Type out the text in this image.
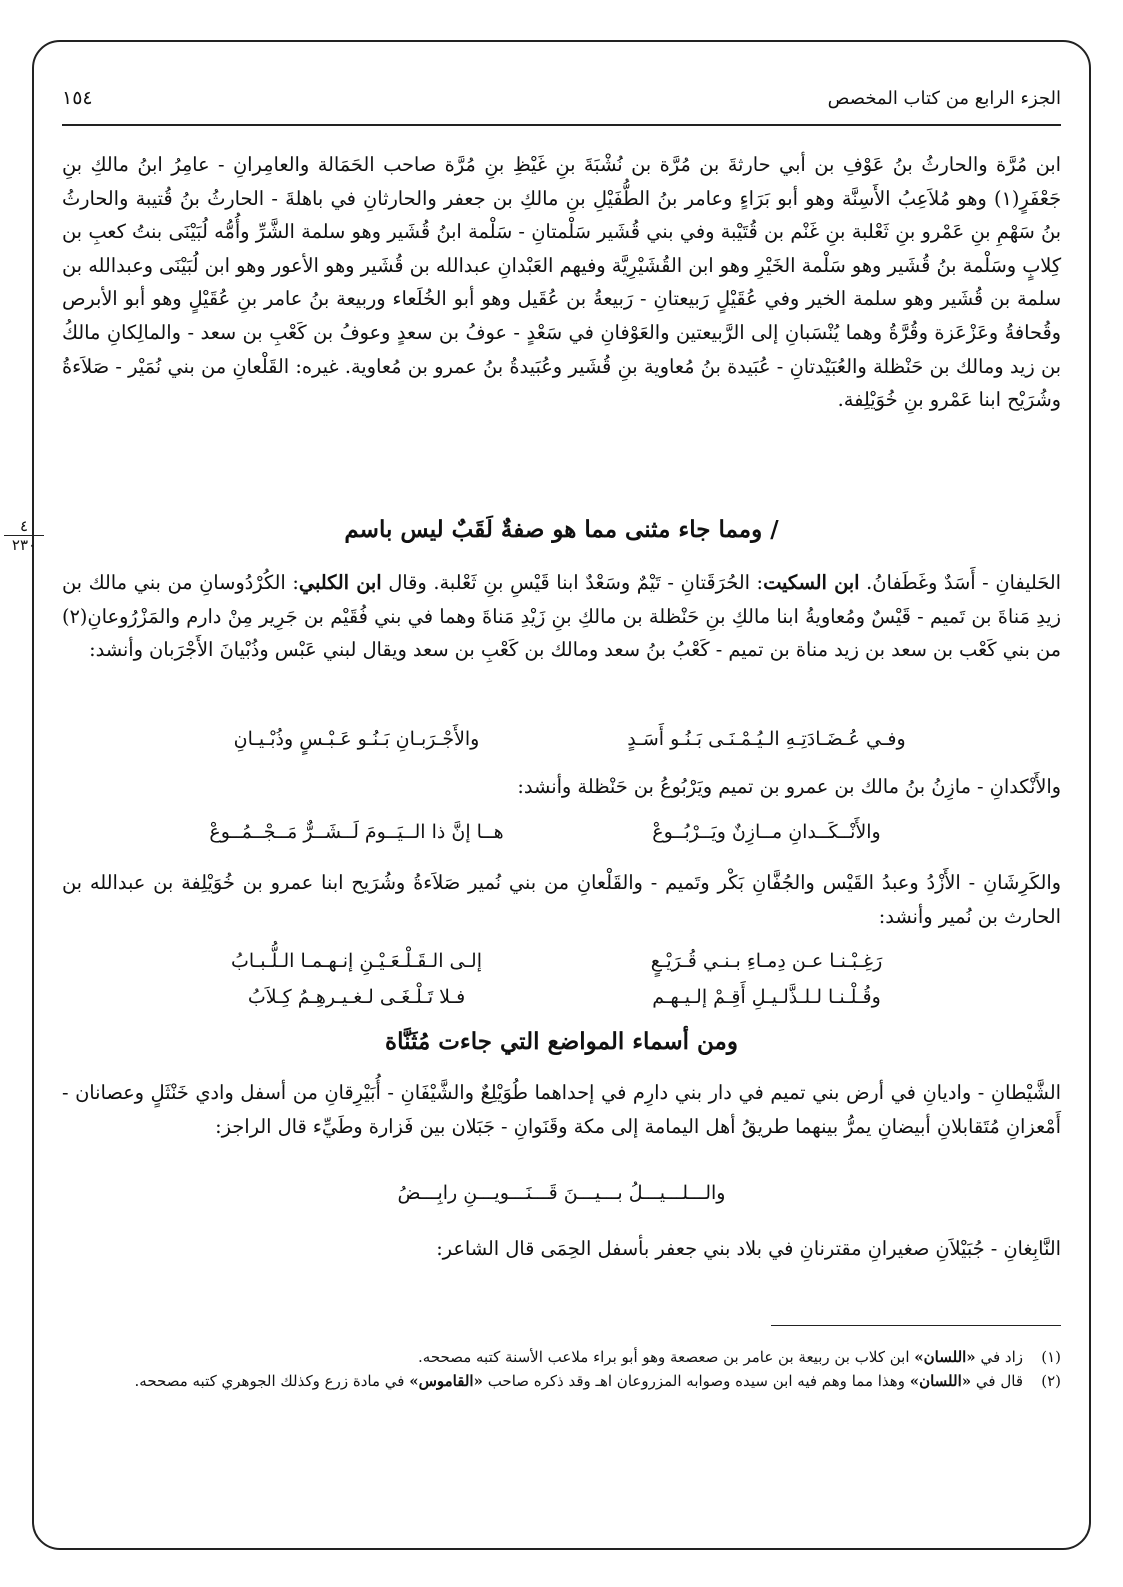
الجزء الرابع من كتاب المخصص
١٥٤

ابن مُرَّة والحارثُ بنُ عَوْفِ بن أبي حارثةَ بن مُرَّة بن نُشْبَةَ بنِ غَيْظِ بنِ مُرَّة صاحب الحَمَالة والعامِرانِ - عامِرُ ابنُ مالكِ بنِ جَعْفَرٍ(١) وهو مُلاَعِبُ الأَسِنَّة وهو أبو بَرَاءٍ وعامر بنُ الطُّفَيْلِ بنِ مالكِ بن جعفر والحارثانِ في باهلةَ - الحارثُ بنُ قُتيبة والحارثُ بنُ سَهْمِ بنِ عَمْرو بنِ ثَعْلبة بنِ غَنْم بن قُتَيْبة وفي بني قُشَير سَلْمتانِ - سَلْمة ابنُ قُشَير وهو سلمة الشَّرِّ وأُمُّه لُبَيْنَى بنتُ كعبِ بن كِلابٍ وسَلْمة بنُ قُشَير وهو سَلْمة الخَيْرِ وهو ابن القُشَيْرِيَّة وفيهم العَبْدانِ عبدالله بن قُشَير وهو الأعور وهو ابن لُبَيْنَى وعبدالله بن سلمة بن قُشَير وهو سلمة الخير وفي عُقَيْلٍ رَبيعتانِ - رَبيعةُ بن عُقَيل وهو أبو الخُلَعاء وربيعة بنُ عامر بنِ عُقَيْلٍ وهو أبو الأبرص وقُحافةُ وعَزْعَزة وقُرَّةُ وهما يُنْسَبانِ إلى الرَّبيعتين والعَوْفانِ في سَعْدٍ - عوفُ بن سعدٍ وعوفُ بن كَعْبِ بن سعد - والمالِكانِ مالكُ بن زيد ومالك بن حَنْظلة والعُبَيْدتانِ - عُبَيدة بنُ مُعاوية بنِ قُشَير وعُبَيدةُ بنُ عمرو بن مُعاوية. غيره: القَلْعانِ من بني نُمَيْر - صَلاَءةُ وشُرَيْح ابنا عَمْرو بنِ خُوَيْلِفة.

٤
٢٣٠
/ ومما جاء مثنى مما هو صفةٌ لَقَبٌ ليس باسم

الحَليفانِ - أَسَدٌ وغَطَفانُ. ابن السكيت: الحُرَقَتانِ - تَيْمٌ وسَعْدٌ ابنا قَيْسِ بنِ ثَعْلبة. وقال ابن الكلبي: الكُرْدُوسانِ من بني مالك بن زيدِ مَناةَ بن تَميم - قَيْسٌ ومُعاويةُ ابنا مالكِ بنِ حَنْظلة بن مالكِ بنِ زَيْدِ مَناةَ وهما في بني فُقَيْم بن جَرِير مِنْ دارم والمَزْرُوعانِ(٢) من بني كَعْب بن سعد بن زيد مناة بن تميم - كَعْبُ بنُ سعد ومالك بن كَعْبِ بن سعد ويقال لبني عَبْس وذُبْيانَ الأَجْرَبان وأنشد:

وفـي عُـضَـادَتِـهِ الـيُـمْـنَـى بَـنُـو أَسَـدٍ
والأَجْـرَبـانِ بَـنُـو عَـبْـسٍ وذُبْـيـانِ

والأَنْكدانِ - مازِنُ بنُ مالك بن عمرو بن تميم ويَرْبُوعُ بن حَنْظلة وأنشد:

والأَنْــكَــدانِ مــازِنٌ ويَــرْبُــوعْ
هــا إنَّ ذا الــيَــومَ لَــشَــرٌّ مَــجْــمُــوعْ

والكَرِشَانِ - الأَزْدُ وعبدُ القَيْس والجُفَّانِ بَكْر وتَميم - والقَلْعانِ من بني نُمير صَلاَءةُ وشُرَيح ابنا عمرو بن خُوَيْلِفة بن عبدالله بن الحارث بن نُمير وأنشد:

رَغِـبْـنـا عـن دِمـاءِ بـنـي قُـرَيْـعٍ
إلـى الـقَـلْـعَـيْـنِ إنـهـمـا الـلُّـبـابُ
وقُـلْـنـا لـلـذَّلـيـلِ أَقِـمْ إلـيـهـم
فـلا تَـلْـغَـى لـغـيـرهِـمُ كِـلاَبُ
ومن أسماء المواضع التي جاءت مُثَنَّاة

الشَّيْطانِ - واديانِ في أرض بني تميم في دار بني دارِم في إحداهما طُوَيْلِعٌ والشَّيْفَانِ - أُبَيْرِقانِ من أسفل وادي خَنْثَلٍ وعصانان - أَمْعزانِ مُتَقابلانِ أبيضانِ يمرُّ بينهما طريقُ أهل اليمامة إلى مكة وقَنَوانِ - جَبَلان بين فَزارة وطَيِّء قال الراجز:

والـــلـــيـــلُ بـــيـــنَ قَـــنَـــويـــنِ رابِـــضُ

النَّابِغانِ - جُبَيْلاَنِ صغيرانِ مقترنانِ في بلاد بني جعفر بأسفل الحِمَى قال الشاعر:

(١)
زاد في «اللسان» ابن كلاب بن ربيعة بن عامر بن صعصعة وهو أبو براء ملاعب الأسنة كتبه مصححه.

(٢)
قال في «اللسان» وهذا مما وهم فيه ابن سيده وصوابه المزروعان اهـ وقد ذكره صاحب «القاموس» في مادة زرع وكذلك الجوهري كتبه مصححه.
